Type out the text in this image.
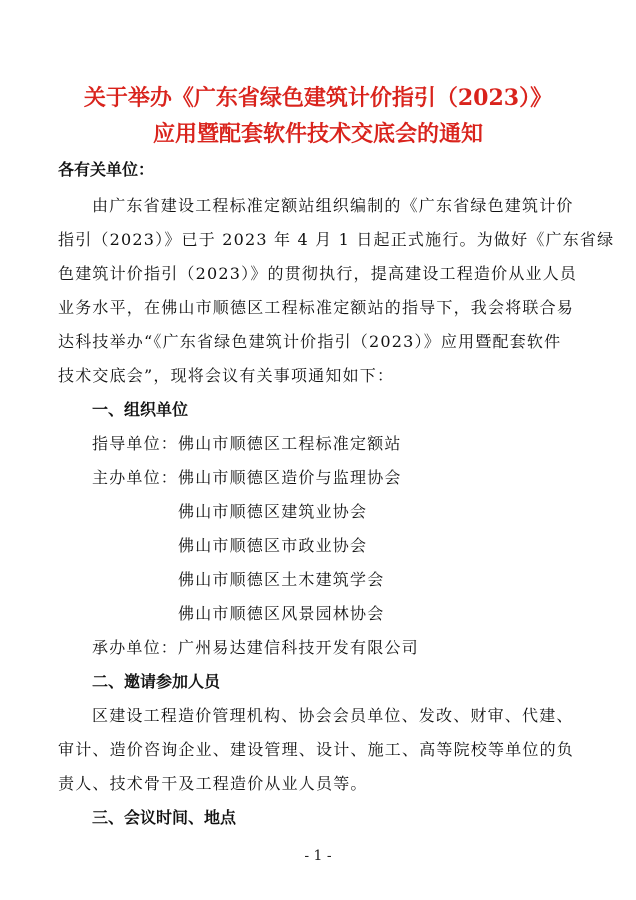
关于举办《广东省绿色建筑计价指引（2023）》
应用暨配套软件技术交底会的通知
各有关单位：
由广东省建设工程标准定额站组织编制的《广东省绿色建筑计价
指引（2023）》已于 2023 年 4 月 1 日起正式施行。为做好《广东省绿
色建筑计价指引（2023）》的贯彻执行，提高建设工程造价从业人员
业务水平，在佛山市顺德区工程标准定额站的指导下，我会将联合易
达科技举办“《广东省绿色建筑计价指引（2023）》应用暨配套软件
技术交底会”，现将会议有关事项通知如下：
一、组织单位
指导单位：佛山市顺德区工程标准定额站
主办单位：佛山市顺德区造价与监理协会
佛山市顺德区建筑业协会
佛山市顺德区市政业协会
佛山市顺德区土木建筑学会
佛山市顺德区风景园林协会
承办单位：广州易达建信科技开发有限公司
二、邀请参加人员
区建设工程造价管理机构、协会会员单位、发改、财审、代建、
审计、造价咨询企业、建设管理、设计、施工、高等院校等单位的负
责人、技术骨干及工程造价从业人员等。
三、会议时间、地点
- 1 -
